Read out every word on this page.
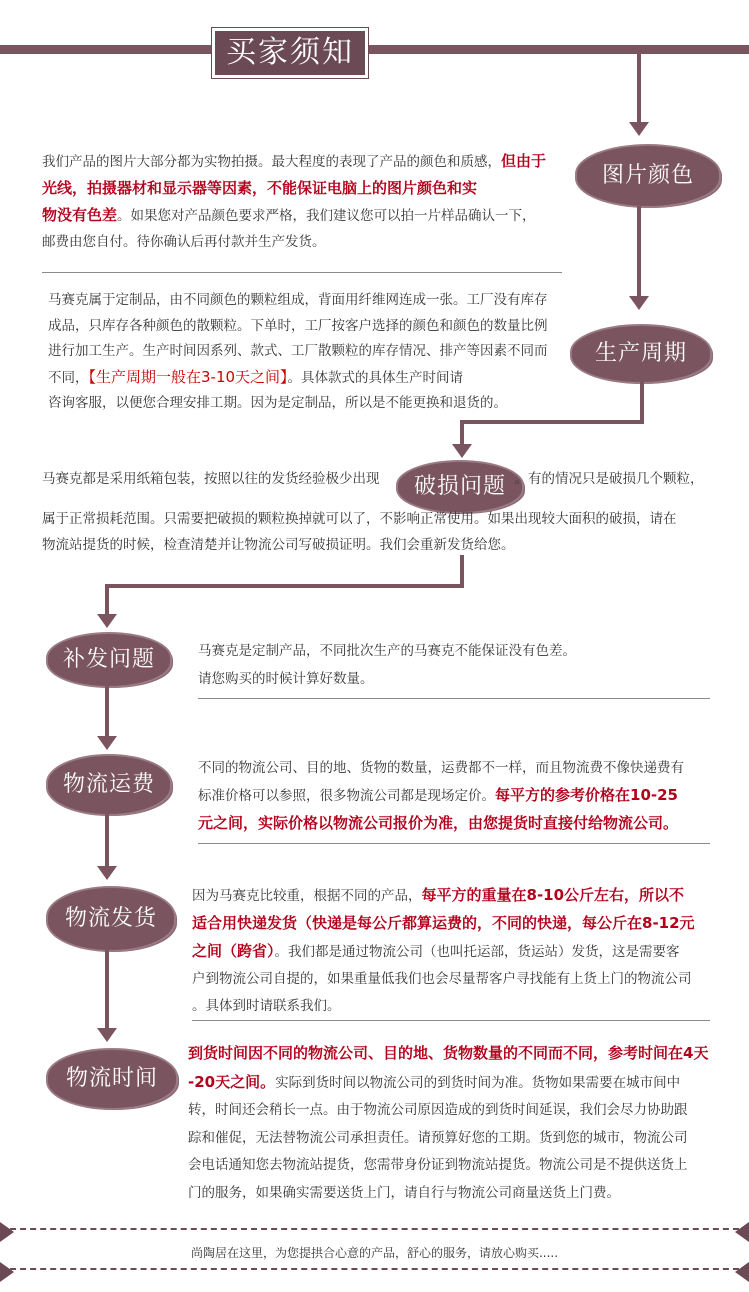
买家须知
图片颜色
我们产品的图片大部分都为实物拍摄。最大程度的表现了产品的颜色和质感，但由于
光线，拍摄器材和显示器等因素，不能保证电脑上的图片颜色和实
物没有色差。如果您对产品颜色要求严格，我们建议您可以拍一片样品确认一下，
邮费由您自付。待你确认后再付款并生产发货。
生产周期
马赛克属于定制品，由不同颜色的颗粒组成，背面用纤维网连成一张。工厂没有库存
成品，只库存各种颜色的散颗粒。下单时，工厂按客户选择的颜色和颜色的数量比例
进行加工生产。生产时间因系列、款式、工厂散颗粒的库存情况、排产等因素不同而
不同，【生产周期一般在3-10天之间】。具体款式的具体生产时间请
咨询客服，以便您合理安排工期。因为是定制品，所以是不能更换和退货的。
破损问题
马赛克都是采用纸箱包装，按照以往的发货经验极少出现	。有的情况只是破损几个颗粒，
属于正常损耗范围。只需要把破损的颗粒换掉就可以了，不影响正常使用。如果出现较大面积的破损，请在
物流站提货的时候，检查清楚并让物流公司写破损证明。我们会重新发货给您。
补发问题	马赛克是定制产品，不同批次生产的马赛克不能保证没有色差。
请您购买的时候计算好数量。
物流运费
不同的物流公司、目的地、货物的数量，运费都不一样，而且物流费不像快递费有
标准价格可以参照，很多物流公司都是现场定价。每平方的参考价格在10-25
元之间，实际价格以物流公司报价为准，由您提货时直接付给物流公司。
物流发货
因为马赛克比较重，根据不同的产品，每平方的重量在8-10公斤左右，所以不
适合用快递发货（快递是每公斤都算运费的，不同的快递，每公斤在8-12元
之间（跨省）。我们都是通过物流公司（也叫托运部，货运站）发货，这是需要客
户到物流公司自提的，如果重量低我们也会尽量帮客户寻找能有上货上门的物流公司
。具体到时请联系我们。
物流时间
到货时间因不同的物流公司、目的地、货物数量的不同而不同，参考时间在4天
-20天之间。实际到货时间以物流公司的到货时间为准。货物如果需要在城市间中
转，时间还会稍长一点。由于物流公司原因造成的到货时间延误，我们会尽力协助跟
踪和催促，无法替物流公司承担责任。请预算好您的工期。货到您的城市，物流公司
会电话通知您去物流站提货，您需带身份证到物流站提货。物流公司是不提供送货上
门的服务，如果确实需要送货上门，请自行与物流公司商量送货上门费。
尚陶居在这里，为您提拱合心意的产品，舒心的服务，请放心购买.....
